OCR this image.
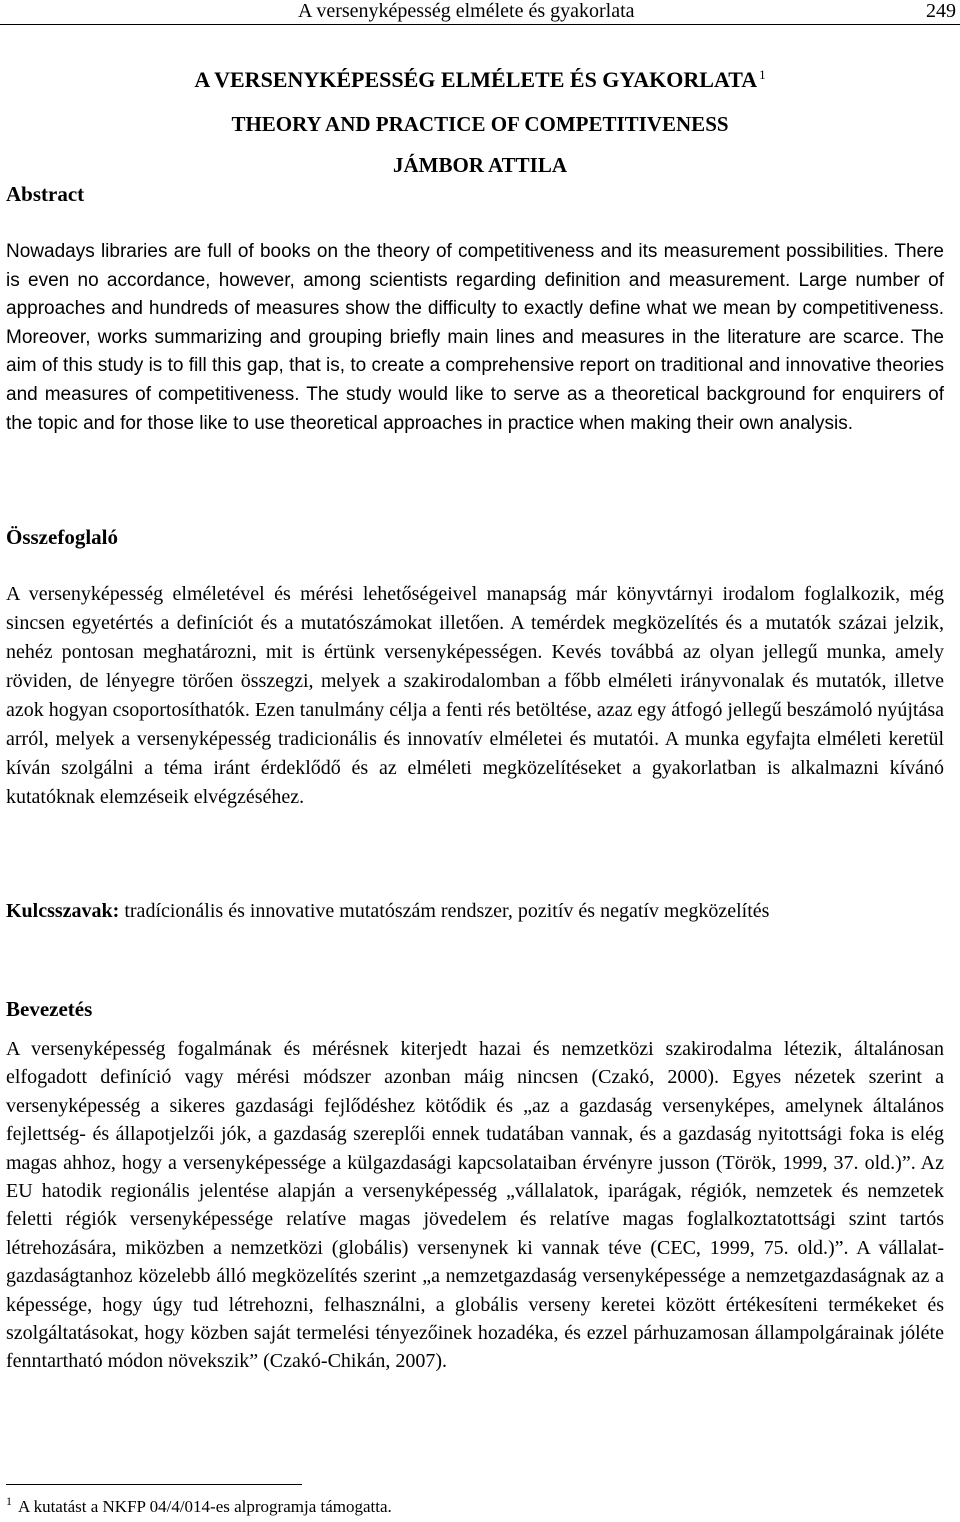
A versenyképesség elmélete és gyakorlata	249
A VERSENYKÉPESSÉG ELMÉLETE ÉS GYAKORLATA $^1$
THEORY AND PRACTICE OF COMPETITIVENESS
JÁMBOR ATTILA
Abstract

Nowadays libraries are full of books on the theory of competitiveness and its measurement possibilities. There is even no accordance, however, among scientists regarding definition and measurement. Large number of approaches and hundreds of measures show the difficulty to exactly define what we mean by competitiveness. Moreover, works summarizing and grouping briefly main lines and measures in the literature are scarce. The aim of this study is to fill this gap, that is, to create a comprehensive report on traditional and innovative theories and measures of competitiveness. The study would like to serve as a theoretical background for enquirers of the topic and for those like to use theoretical approaches in practice when making their own analysis.

Összefoglaló

A versenyképesség elméletével és mérési lehetőségeivel manapság már könyvtárnyi irodalom foglalkozik, még sincsen egyetértés a definíciót és a mutatószámokat illetően. A temérdek megközelítés és a mutatók százai jelzik, nehéz pontosan meghatározni, mit is értünk versenyképességen. Kevés továbbá az olyan jellegű munka, amely röviden, de lényegre törően összegzi, melyek a szakirodalomban a főbb elméleti irányvonalak és mutatók, illetve azok hogyan csoportosíthatók. Ezen tanulmány célja a fenti rés betöltése, azaz egy átfogó jellegű beszámoló nyújtása arról, melyek a versenyképesség tradicionális és innovatív elméletei és mutatói. A munka egyfajta elméleti keretül kíván szolgálni a téma iránt érdeklődő és az elméleti megközelítéseket a gyakorlatban is alkalmazni kívánó kutatóknak elemzéseik elvégzéséhez.

Kulcsszavak: tradícionális és innovative mutatószám rendszer, pozitív és negatív megközelítés

Bevezetés

A versenyképesség fogalmának és mérésnek kiterjedt hazai és nemzetközi szakirodalma létezik, általánosan elfogadott definíció vagy mérési módszer azonban máig nincsen (Czakó, 2000). Egyes nézetek szerint a versenyképesség a sikeres gazdasági fejlődéshez kötődik és „az a gazdaság versenyképes, amelynek általános fejlettség- és állapotjelzői jók, a gazdaság szereplői ennek tudatában vannak, és a gazdaság nyitottsági foka is elég magas ahhoz, hogy a versenyképessége a külgazdasági kapcsolataiban érvényre jusson (Török, 1999, 37. old.)”. Az EU hatodik regionális jelentése alapján a versenyképesség „vállalatok, iparágak, régiók, nemzetek és nemzetek feletti régiók versenyképessége relatíve magas jövedelem és relatíve magas foglalkoztatottsági szint tartós létrehozására, miközben a nemzetközi (globális) versenynek ki vannak téve (CEC, 1999, 75. old.)”. A vállalat-gazdaságtanhoz közelebb álló megközelítés szerint „a nemzetgazdaság versenyképessége a nemzetgazdaságnak az a képessége, hogy úgy tud létrehozni, felhasználni, a globális verseny keretei között értékesíteni termékeket és szolgáltatásokat, hogy közben saját termelési tényezőinek hozadéka, és ezzel párhuzamosan állampolgárainak jóléte fenntartható módon növekszik” (Czakó-Chikán, 2007).

$^1$ A kutatást a NKFP 04/4/014-es alprogramja támogatta.
